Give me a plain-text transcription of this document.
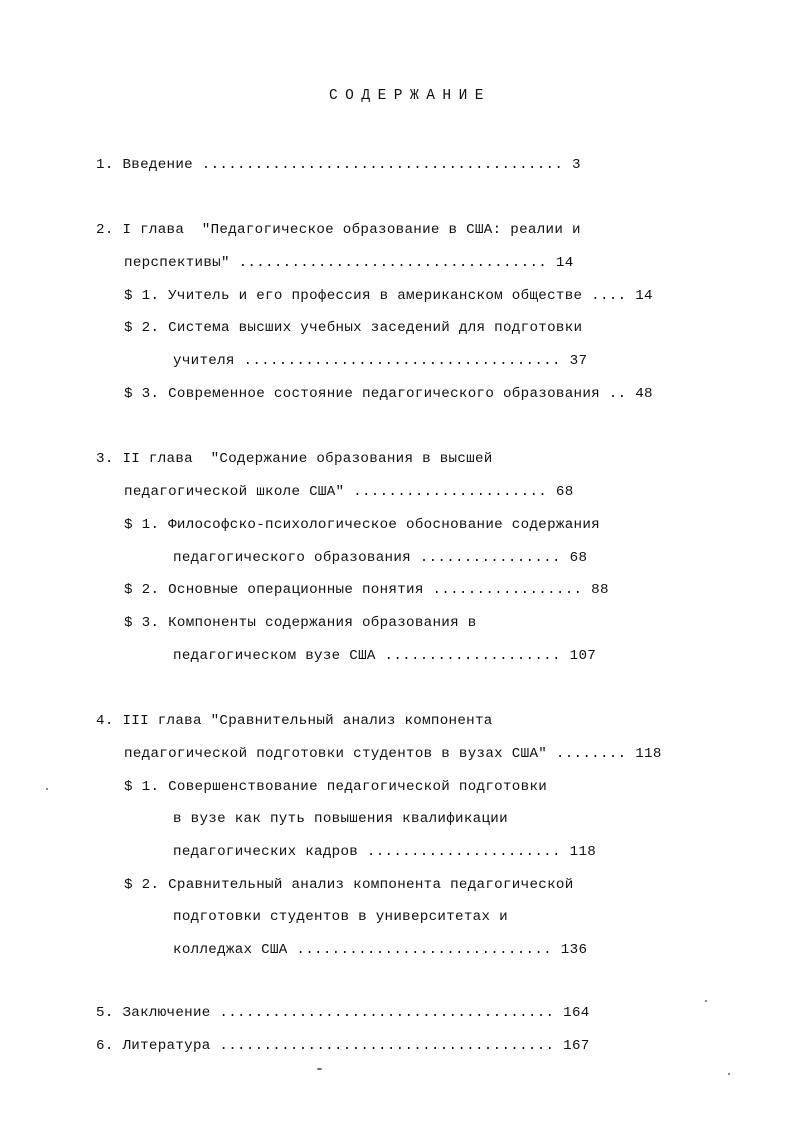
СОДЕРЖАНИЕ
1. Введение ......................................... 3
2. I глава  "Педагогическое образование в США: реалии и
перспективы" ................................... 14
$ 1. Учитель и его профессия в американском обществе .... 14
$ 2. Система высших учебных заседений для подготовки
учителя .................................... 37
$ 3. Современное состояние педагогического образования .. 48
3. II глава  "Содержание образования в высшей
педагогической школе США" ...................... 68
$ 1. Философско-психологическое обоснование содержания
педагогического образования ................ 68
$ 2. Основные операционные понятия ................. 88
$ 3. Компоненты содержания образования в
педагогическом вузе США .................... 107
4. III глава "Сравнительный анализ компонента
педагогической подготовки студентов в вузах США" ........ 118
$ 1. Совершенствование педагогической подготовки
в вузе как путь повышения квалификации
педагогических кадров ...................... 118
$ 2. Сравнительный анализ компонента педагогической
подготовки студентов в университетах и
колледжах США ............................. 136
5. Заключение ...................................... 164
6. Литература ...................................... 167
